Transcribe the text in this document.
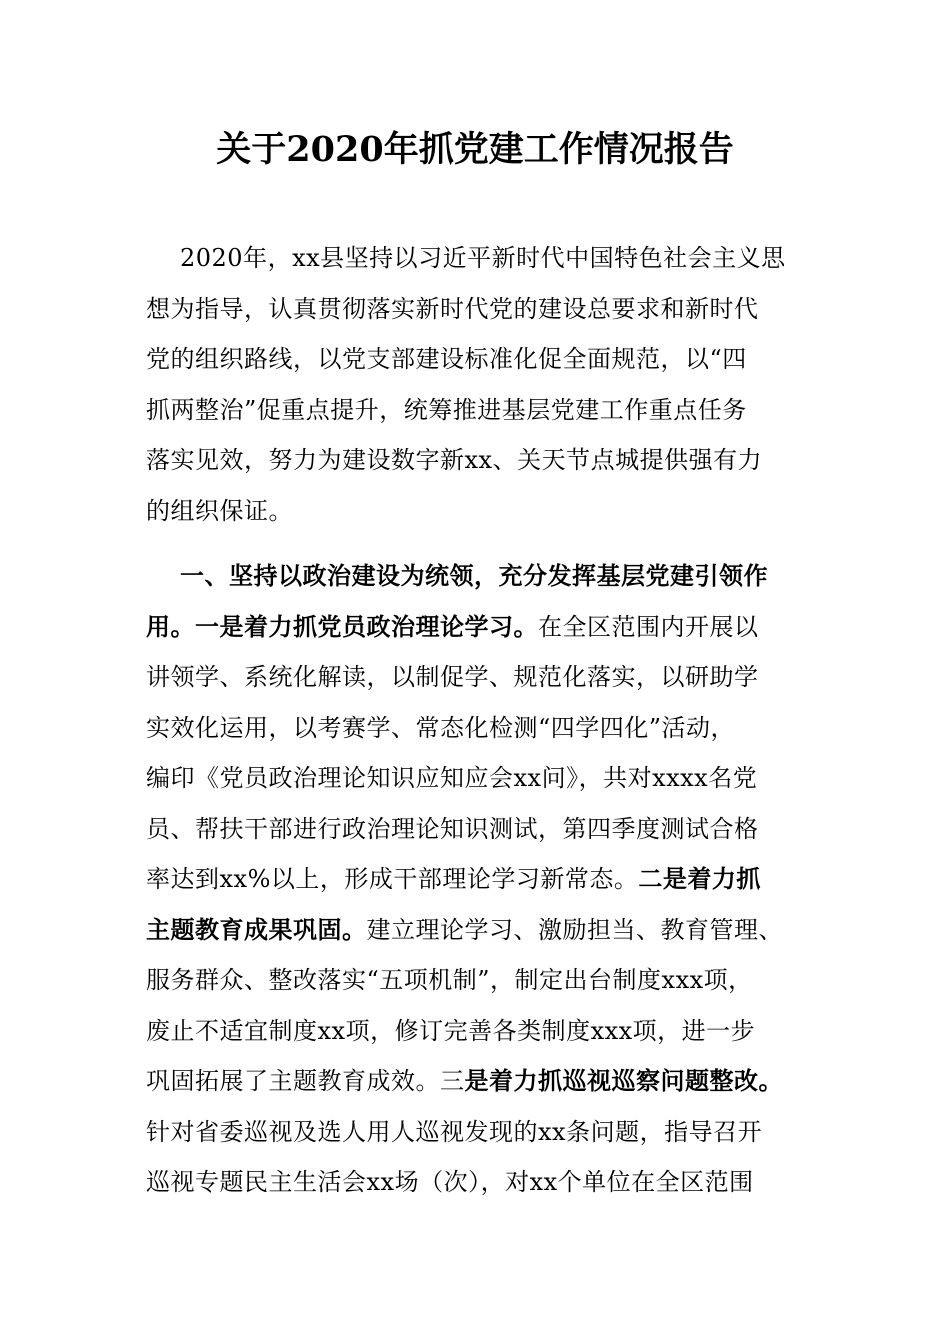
关于2020年抓党建工作情况报告
2020年，xx县坚持以习近平新时代中国特色社会主义思
想为指导，认真贯彻落实新时代党的建设总要求和新时代
党的组织路线，以党支部建设标准化促全面规范，以“四
抓两整治”促重点提升，统筹推进基层党建工作重点任务
落实见效，努力为建设数字新xx、关天节点城提供强有力
的组织保证。
一、坚持以政治建设为统领，充分发挥基层党建引领作
用。一是着力抓党员政治理论学习。在全区范围内开展以
讲领学、系统化解读，以制促学、规范化落实，以研助学
实效化运用，以考赛学、常态化检测“四学四化”活动，
编印《党员政治理论知识应知应会xx问》，共对xxxx名党
员、帮扶干部进行政治理论知识测试，第四季度测试合格
率达到xx%以上，形成干部理论学习新常态。二是着力抓
主题教育成果巩固。建立理论学习、激励担当、教育管理、
服务群众、整改落实“五项机制”，制定出台制度xxx项，
废止不适宜制度xx项，修订完善各类制度xxx项，进一步
巩固拓展了主题教育成效。三是着力抓巡视巡察问题整改。
针对省委巡视及选人用人巡视发现的xx条问题，指导召开
巡视专题民主生活会xx场（次），对xx个单位在全区范围
